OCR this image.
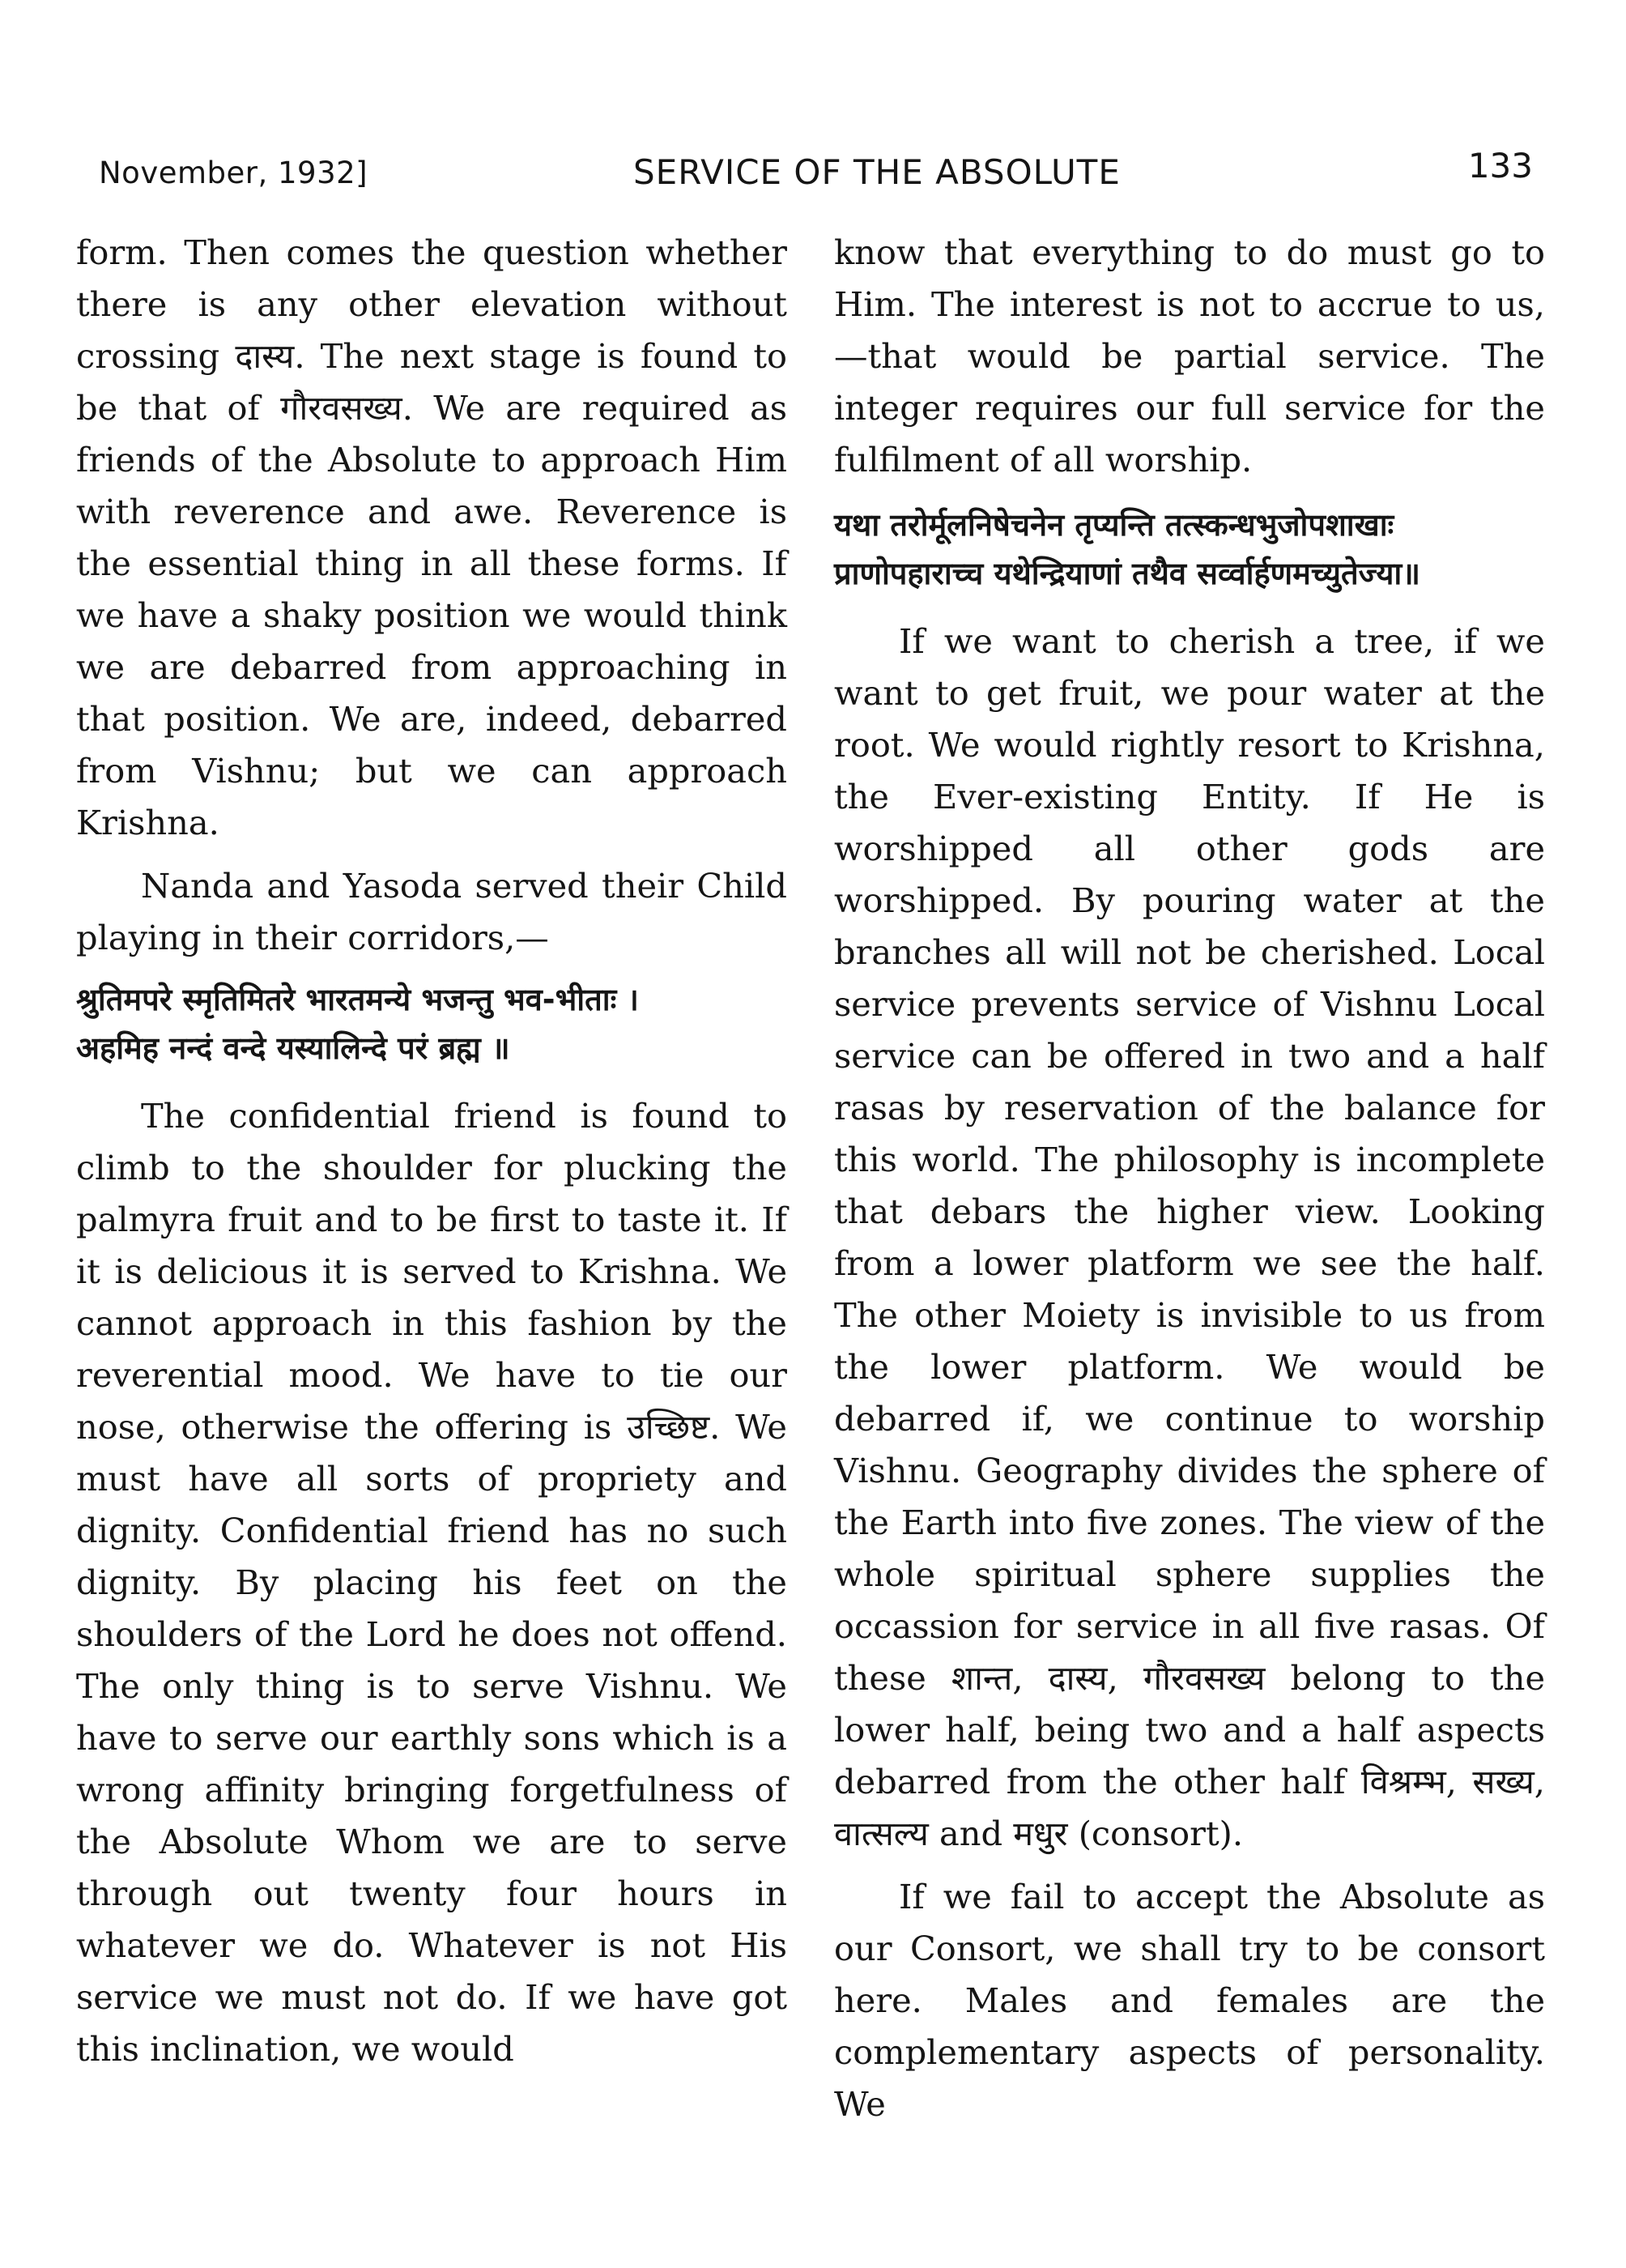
November, 1932]	SERVICE OF THE ABSOLUTE	133

form. Then comes the question whether there is any other elevation without crossing दास्य. The next stage is found to be that of गौरवसख्य. We are required as friends of the Absolute to approach Him with reverence and awe. Reverence is the essential thing in all these forms. If we have a shaky position we would think we are debarred from approaching in that position. We are, indeed, debarred from Vishnu; but we can approach Krishna.

Nanda and Yasoda served their Child playing in their corridors,—

श्रुतिमपरे स्मृतिमितरे भारतमन्ये भजन्तु भव-भीताः ।
अहमिह नन्दं वन्दे यस्यालिन्दे परं ब्रह्म ॥

The confidential friend is found to climb to the shoulder for plucking the palmyra fruit and to be first to taste it. If it is delicious it is served to Krishna. We cannot approach in this fashion by the reverential mood. We have to tie our nose, otherwise the offering is उच्छिष्ट. We must have all sorts of propriety and dignity. Confidential friend has no such dignity. By placing his feet on the shoulders of the Lord he does not offend. The only thing is to serve Vishnu. We have to serve our earthly sons which is a wrong affinity bringing forgetfulness of the Absolute Whom we are to serve through out twenty four hours in whatever we do. Whatever is not His service we must not do. If we have got this inclination, we would

know that everything to do must go to Him. The interest is not to accrue to us,—that would be partial service. The integer requires our full service for the fulfilment of all worship.

यथा तरोर्मूलनिषेचनेन तृप्यन्ति तत्स्कन्धभुजोपशाखाः
प्राणोपहाराच्च यथेन्द्रियाणां तथैव सर्व्वार्हणमच्युतेज्या॥

If we want to cherish a tree, if we want to get fruit, we pour water at the root. We would rightly resort to Krishna, the Ever-existing Entity. If He is worshipped all other gods are worshipped. By pouring water at the branches all will not be cherished. Local service prevents service of Vishnu Local service can be offered in two and a half rasas by reservation of the balance for this world. The philosophy is incomplete that debars the higher view. Looking from a lower platform we see the half. The other Moiety is invisible to us from the lower platform. We would be debarred if, we continue to worship Vishnu. Geography divides the sphere of the Earth into five zones. The view of the whole spiritual sphere supplies the occassion for service in all five rasas. Of these शान्त, दास्य, गौरवसख्य belong to the lower half, being two and a half aspects debarred from the other half विश्रम्भ, सख्य, वात्सल्य and मधुर (consort).

If we fail to accept the Absolute as our Consort, we shall try to be consort here. Males and females are the complementary aspects of personality. We
